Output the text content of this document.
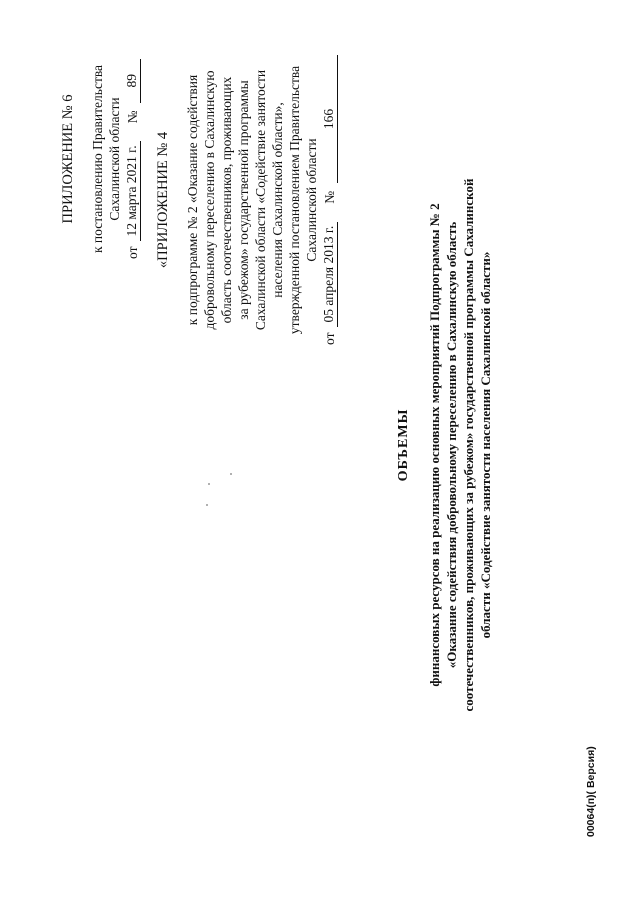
ПРИЛОЖЕНИЕ № 6 к постановлению Правительства Сахалинской области
от
12 марта 2021 г.
№
89
«ПРИЛОЖЕНИЕ № 4 к подпрограмме № 2 «Оказание содействия добровольному переселению в Сахалинскую область соотечественников, проживающих за рубежом» государственной программы Сахалинской области «Содействие занятости населения Сахалинской области», утвержденной постановлением Правительства Сахалинской области
от
05 апреля 2013 г.
№
166
ОБЪЕМЫ финансовых ресурсов на реализацию основных мероприятий Подпрограммы № 2 «Оказание содействия добровольному переселению в Сахалинскую область соотечественников, проживающих за рубежом» государственной программы Сахалинской области «Содействие занятости населения Сахалинской области»
00064(п)( Версия)
